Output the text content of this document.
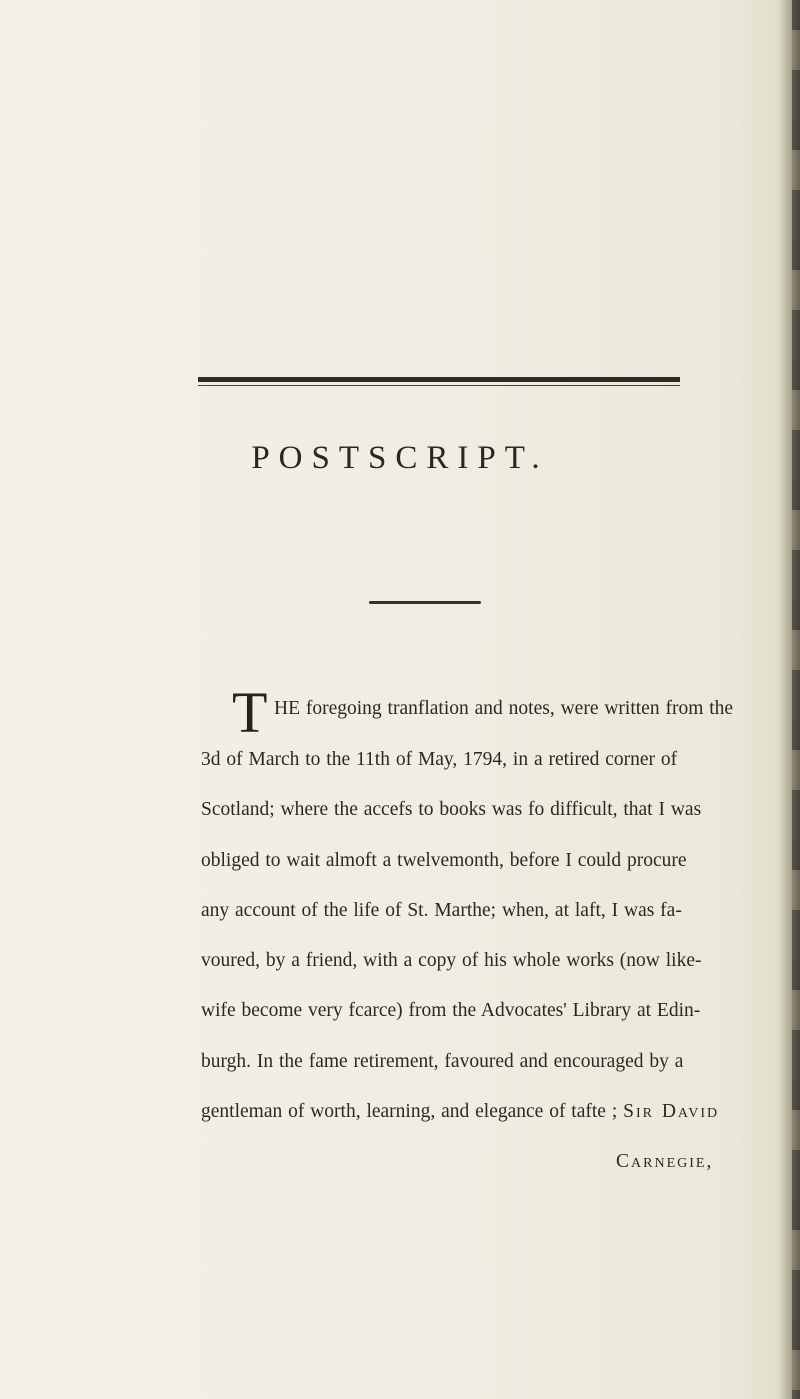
POSTSCRIPT.
T HE foregoing tranflation and notes, were written from the
3d of March to the 11th of May, 1794, in a retired corner of
Scotland; where the accefs to books was fo difficult, that I was
obliged to wait almoft a twelvemonth, before I could procure
any account of the life of St. Marthe; when, at laft, I was fa-
voured, by a friend, with a copy of his whole works (now like-
wife become very fcarce) from the Advocates' Library at Edin-
burgh. In the fame retirement, favoured and encouraged by a
gentleman of worth, learning, and elegance of tafte ; Sir David
Carnegie,
